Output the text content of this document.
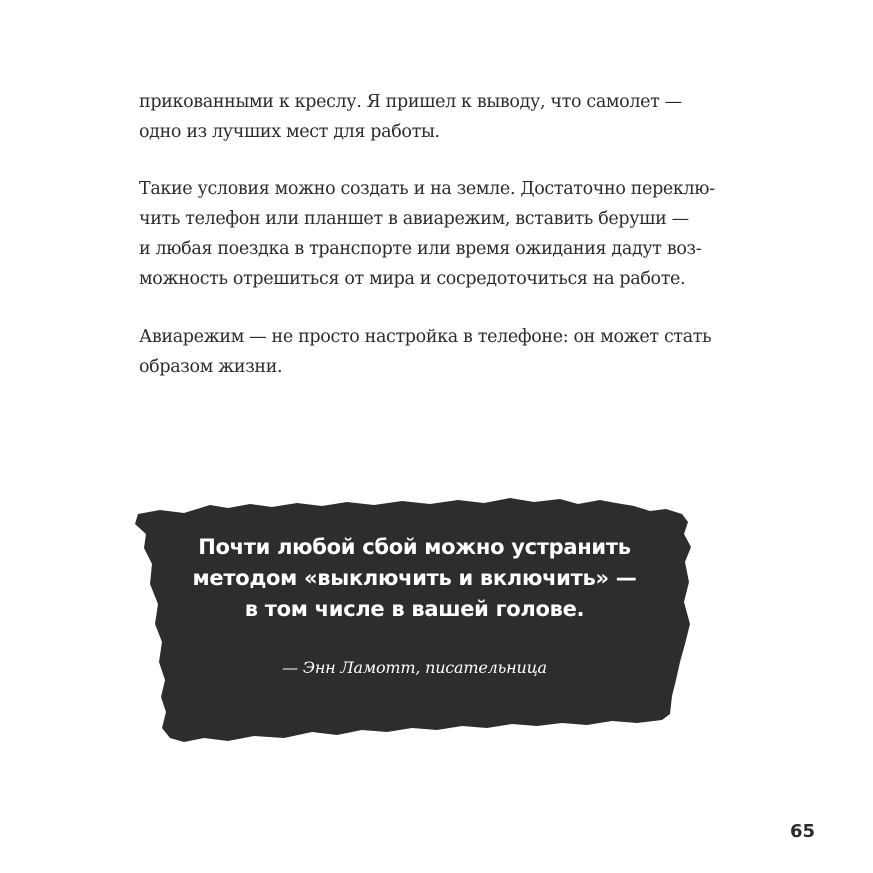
прикованными к креслу. Я пришел к выводу, что самолет —
одно из лучших мест для работы.
Такие условия можно создать и на земле. Достаточно переклю-
чить телефон или планшет в авиарежим, вставить беруши —
и любая поездка в транспорте или время ожидания дадут воз-
можность отрешиться от мира и сосредоточиться на работе.
Авиарежим — не просто настройка в телефоне: он может стать
образом жизни.
Почти любой сбой можно устранить
методом «выключить и включить» —
в том числе в вашей голове.
— Энн Ламотт, писательница
65
